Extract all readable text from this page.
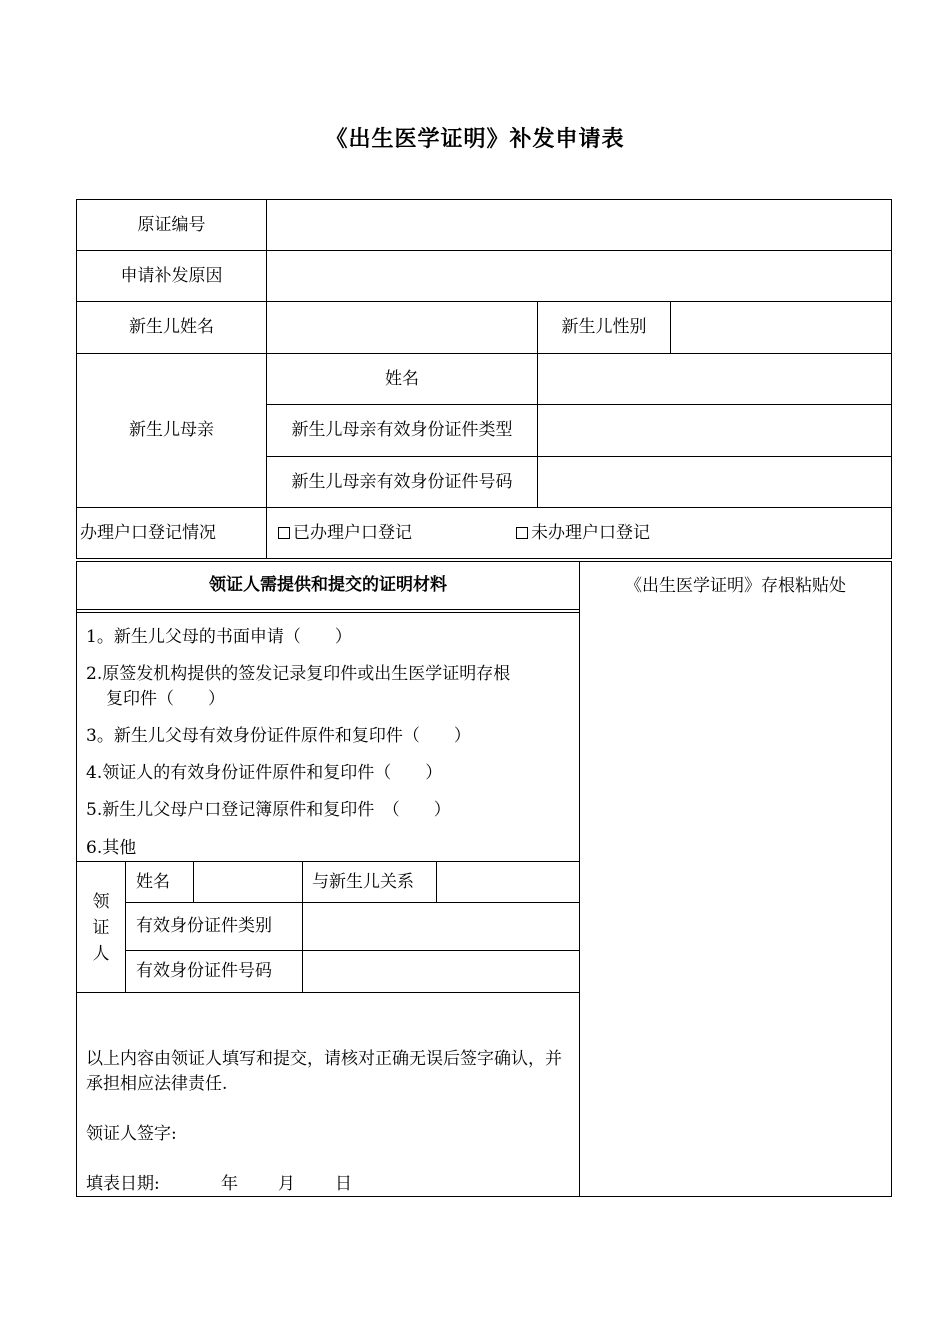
《出生医学证明》补发申请表
原证编号
申请补发原因
新生儿姓名	新生儿性别
新生儿母亲
姓名
新生儿母亲有效身份证件类型
新生儿母亲有效身份证件号码
办理户口登记情况	已办理户口登记	未办理户口登记
领证人需提供和提交的证明材料	《出生医学证明》存根粘贴处
1。新生儿父母的书面申请（　　）
2.原签发机构提供的签发记录复印件或出生医学证明存根
复印件（　　）
3。新生儿父母有效身份证件原件和复印件（　　）
4.领证人的有效身份证件原件和复印件（　　）
5.新生儿父母户口登记簿原件和复印件　（　　）
6.其他
领
证
人
姓名	与新生儿关系
有效身份证件类别
有效身份证件号码
以上内容由领证人填写和提交，请核对正确无误后签字确认，并承担相应法律责任.
领证人签字:
填表日期:	年	月	日
